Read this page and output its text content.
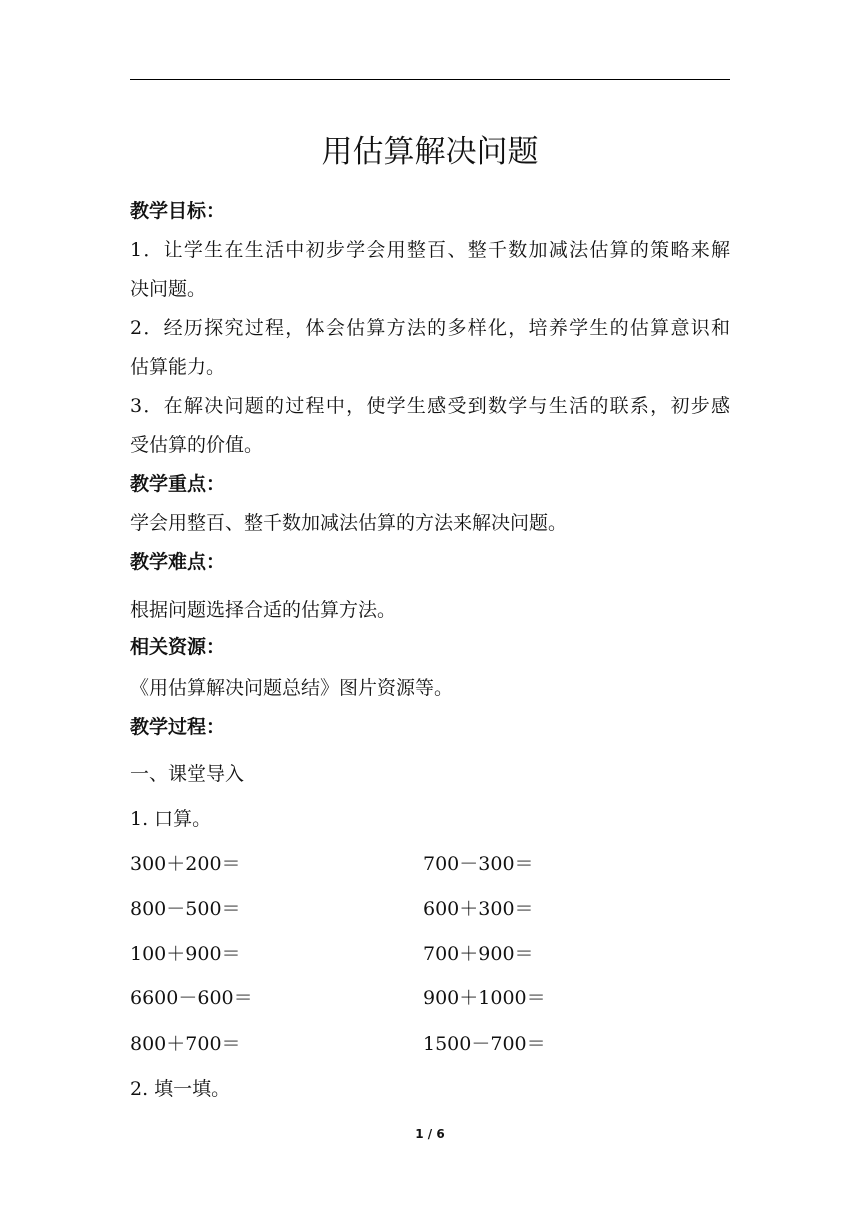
用估算解决问题
教学目标：
1．让学生在生活中初步学会用整百、整千数加减法估算的策略来解
决问题。
2．经历探究过程，体会估算方法的多样化，培养学生的估算意识和
估算能力。
3．在解决问题的过程中，使学生感受到数学与生活的联系，初步感
受估算的价值。
教学重点：
学会用整百、整千数加减法估算的方法来解决问题。
教学难点：
根据问题选择合适的估算方法。
相关资源：
《用估算解决问题总结》图片资源等。
教学过程：
一、课堂导入
1. 口算。
300＋200＝	700－300＝
800－500＝	600＋300＝
100＋900＝	700＋900＝
6600－600＝	900＋1000＝
800＋700＝	1500－700＝
2. 填一填。
1 / 6
